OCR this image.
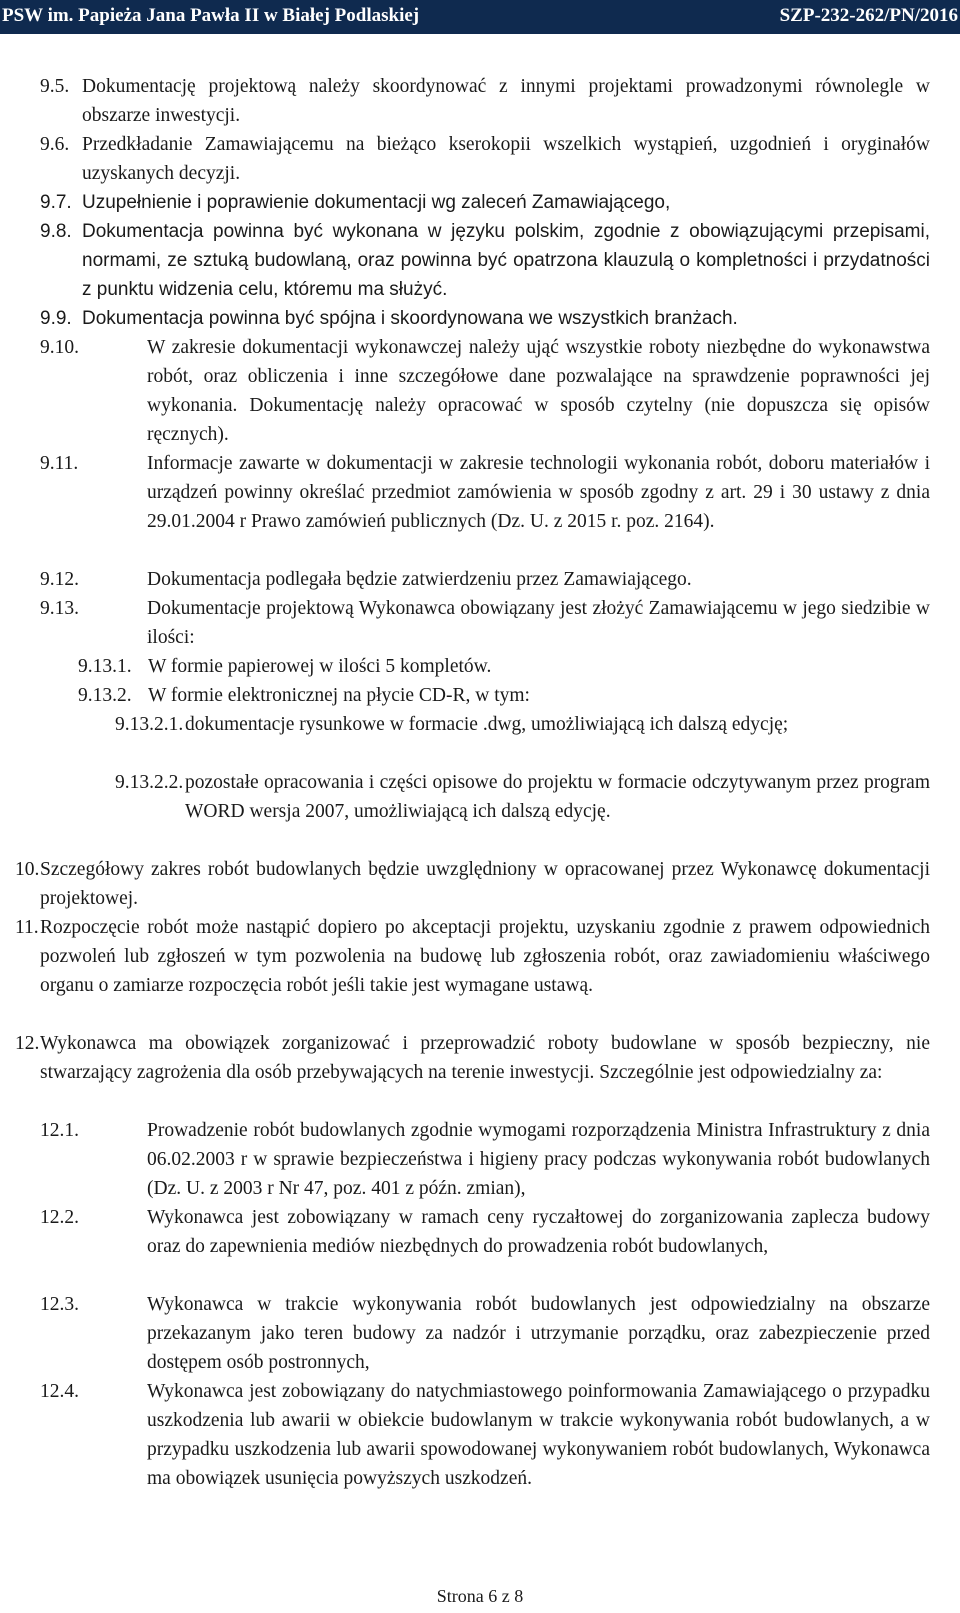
PSW im. Papieża Jana Pawła II w Białej Podlaskiej	SZP-232-262/PN/2016
9.5. Dokumentację projektową należy skoordynować z innymi projektami prowadzonymi równolegle w obszarze inwestycji.
9.6. Przedkładanie Zamawiającemu na bieżąco kserokopii wszelkich wystąpień, uzgodnień i oryginałów uzyskanych decyzji.
9.7. Uzupełnienie i poprawienie dokumentacji wg zaleceń Zamawiającego,
9.8. Dokumentacja powinna być wykonana w języku polskim, zgodnie z obowiązującymi przepisami, normami, ze sztuką budowlaną, oraz powinna być opatrzona klauzulą o kompletności i przydatności z punktu widzenia celu, któremu ma służyć.
9.9. Dokumentacja powinna być spójna i skoordynowana we wszystkich branżach.
9.10.	W zakresie dokumentacji wykonawczej należy ująć wszystkie roboty niezbędne do wykonawstwa robót, oraz obliczenia i inne szczegółowe dane pozwalające na sprawdzenie poprawności jej wykonania. Dokumentację należy opracować w sposób czytelny (nie dopuszcza się opisów ręcznych).
9.11.	Informacje zawarte w dokumentacji w zakresie technologii wykonania robót, doboru materiałów i urządzeń powinny określać przedmiot zamówienia w sposób zgodny z art. 29 i 30 ustawy z dnia 29.01.2004 r Prawo zamówień publicznych (Dz. U. z 2015 r. poz. 2164).
9.12.	Dokumentacja podlegała będzie zatwierdzeniu przez Zamawiającego.
9.13.	Dokumentacje projektową Wykonawca obowiązany jest złożyć Zamawiającemu w jego siedzibie w ilości:
9.13.1. W formie papierowej w ilości 5 kompletów.
9.13.2. W formie elektronicznej na płycie CD-R, w tym:
9.13.2.1. dokumentacje rysunkowe w formacie .dwg, umożliwiającą ich dalszą edycję;
9.13.2.2. pozostałe opracowania i części opisowe do projektu w formacie odczytywanym przez program WORD wersja 2007, umożliwiającą ich dalszą edycję.
10. Szczegółowy zakres robót budowlanych będzie uwzględniony w opracowanej przez Wykonawcę dokumentacji projektowej.
11. Rozpoczęcie robót może nastąpić dopiero po akceptacji projektu, uzyskaniu zgodnie z prawem odpowiednich pozwoleń lub zgłoszeń w tym pozwolenia na budowę lub zgłoszenia robót, oraz zawiadomieniu właściwego organu o zamiarze rozpoczęcia robót jeśli takie jest wymagane ustawą.
12. Wykonawca ma obowiązek zorganizować i przeprowadzić roboty budowlane w sposób bezpieczny, nie stwarzający zagrożenia dla osób przebywających na terenie inwestycji. Szczególnie jest odpowiedzialny za:
12.1.	Prowadzenie robót budowlanych zgodnie wymogami rozporządzenia Ministra Infrastruktury z dnia 06.02.2003 r w sprawie bezpieczeństwa i higieny pracy podczas wykonywania robót budowlanych (Dz. U. z 2003 r Nr 47, poz. 401 z późn. zmian),
12.2.	Wykonawca jest zobowiązany w ramach ceny ryczałtowej do zorganizowania zaplecza budowy oraz do zapewnienia mediów niezbędnych do prowadzenia robót budowlanych,
12.3.	Wykonawca w trakcie wykonywania robót budowlanych jest odpowiedzialny na obszarze przekazanym jako teren budowy za nadzór i utrzymanie porządku, oraz zabezpieczenie przed dostępem osób postronnych,
12.4.	Wykonawca jest zobowiązany do natychmiastowego poinformowania Zamawiającego o przypadku uszkodzenia lub awarii w obiekcie budowlanym w trakcie wykonywania robót budowlanych, a w przypadku uszkodzenia lub awarii spowodowanej wykonywaniem robót budowlanych, Wykonawca ma obowiązek usunięcia powyższych uszkodzeń.
Strona 6 z 8
